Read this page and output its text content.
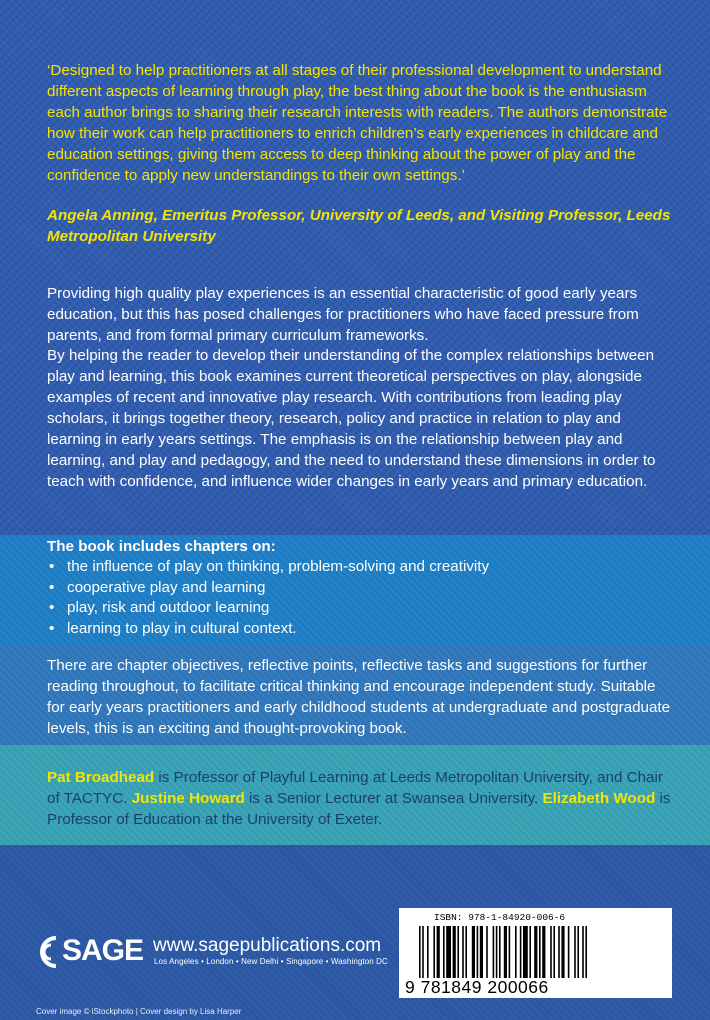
‘Designed to help practitioners at all stages of their professional development to understand different aspects of learning through play, the best thing about the book is the enthusiasm each author brings to sharing their research interests with readers. The authors demonstrate how their work can help practitioners to enrich children’s early experiences in childcare and education settings, giving them access to deep thinking about the power of play and the confidence to apply new understandings to their own settings.’

Angela Anning, Emeritus Professor, University of Leeds, and Visiting Professor, Leeds Metropolitan University

Providing high quality play experiences is an essential characteristic of good early years education, but this has posed challenges for practitioners who have faced pressure from parents, and from formal primary curriculum frameworks.

By helping the reader to develop their understanding of the complex relationships between play and learning, this book examines current theoretical perspectives on play, alongside examples of recent and innovative play research. With contributions from leading play scholars, it brings together theory, research, policy and practice in relation to play and learning in early years settings. The emphasis is on the relationship between play and learning, and play and pedagogy, and the need to understand these dimensions in order to teach with confidence, and influence wider changes in early years and primary education.

The book includes chapters on:

• the influence of play on thinking, problem-solving and creativity
• cooperative play and learning
• play, risk and outdoor learning
• learning to play in cultural context.

There are chapter objectives, reflective points, reflective tasks and suggestions for further reading throughout, to facilitate critical thinking and encourage independent study. Suitable for early years practitioners and early childhood students at undergraduate and postgraduate levels, this is an exciting and thought-provoking book.

Pat Broadhead is Professor of Playful Learning at Leeds Metropolitan University, and Chair of TACTYC. Justine Howard is a Senior Lecturer at Swansea University. Elizabeth Wood is Professor of Education at the University of Exeter.

SAGE www.sagepublications.com
Los Angeles • London • New Delhi • Singapore • Washington DC
Cover image © iStockphoto | Cover design by Lisa Harper
ISBN: 978-1-84920-006-6
9 781849 200066
